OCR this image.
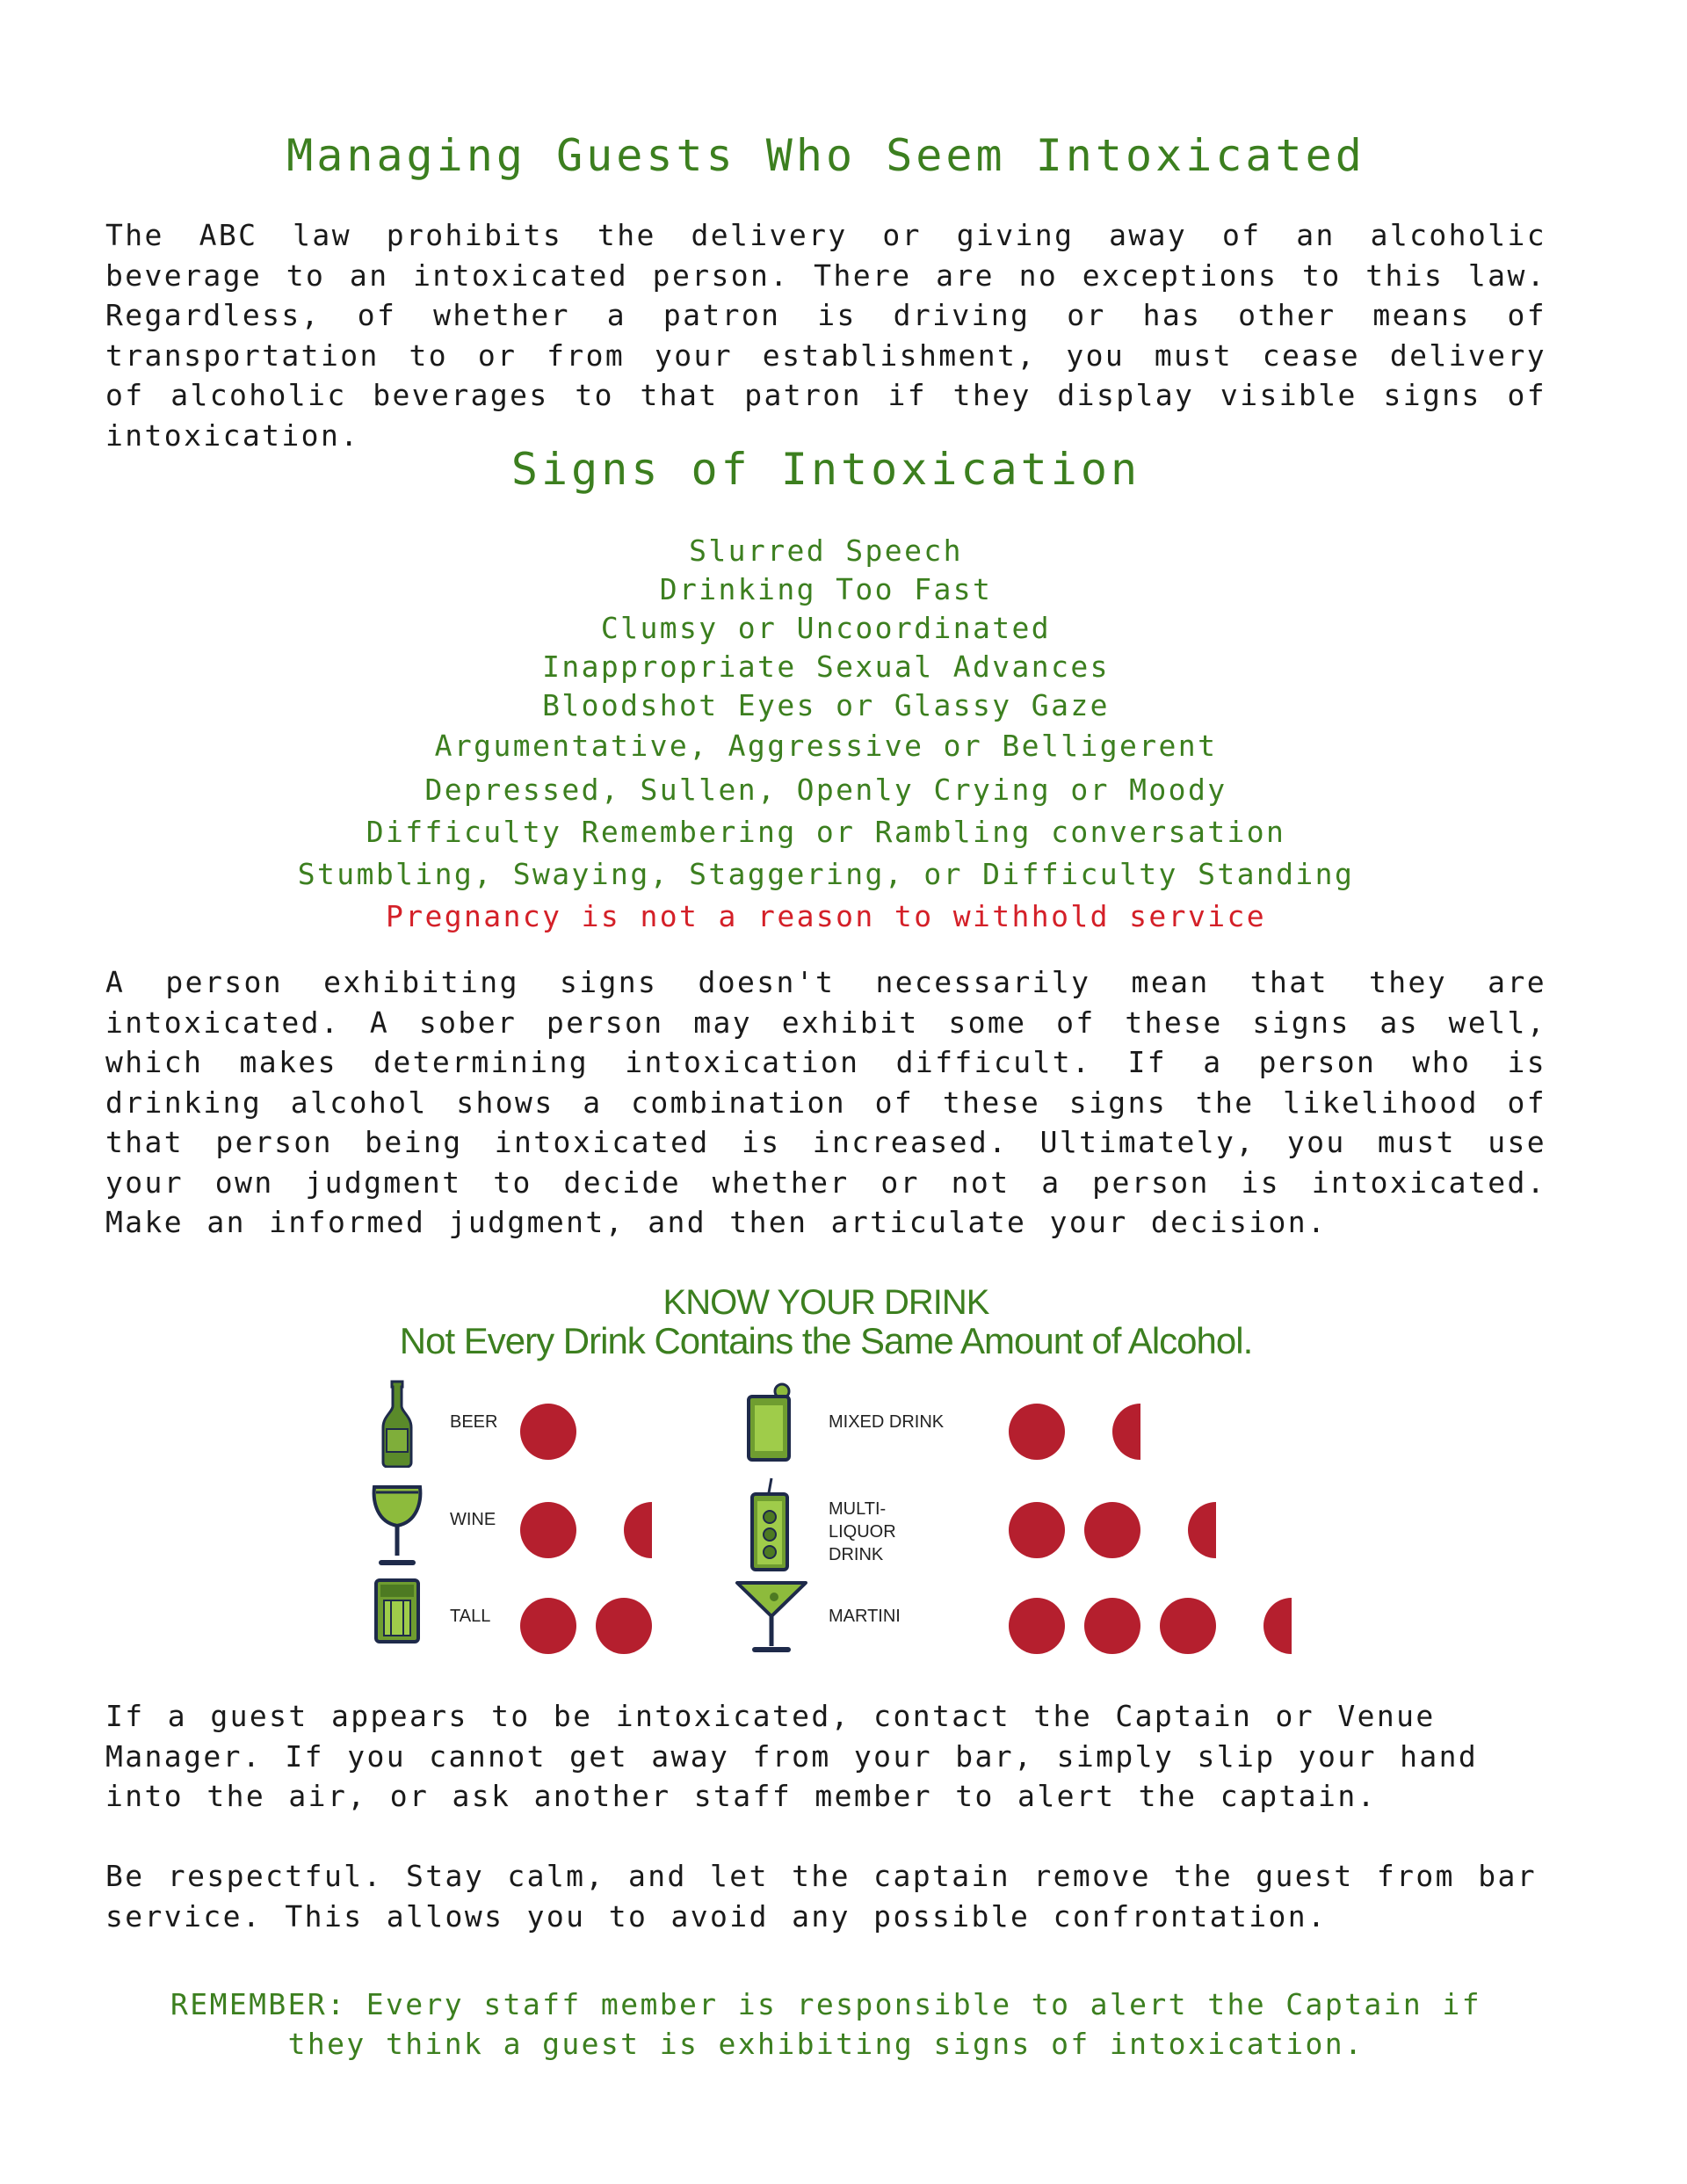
Managing Guests Who Seem Intoxicated

The ABC law prohibits the delivery or giving away of an alcoholic beverage to an intoxicated person. There are no exceptions to this law. Regardless, of whether a patron is driving or has other means of transportation to or from your establishment, you must cease delivery of alcoholic beverages to that patron if they display visible signs of intoxication.

Signs of Intoxication
Slurred Speech
Drinking Too Fast
Clumsy or Uncoordinated
Inappropriate Sexual Advances
Bloodshot Eyes or Glassy Gaze
Argumentative, Aggressive or Belligerent
Depressed, Sullen, Openly Crying or Moody
Difficulty Remembering or Rambling conversation
Stumbling, Swaying, Staggering, or Difficulty Standing
Pregnancy is not a reason to withhold service

A person exhibiting signs doesn't necessarily mean that they are intoxicated. A sober person may exhibit some of these signs as well, which makes determining intoxication difficult. If a person who is drinking alcohol shows a combination of these signs the likelihood of that person being intoxicated is increased. Ultimately, you must use your own judgment to decide whether or not a person is intoxicated. Make an informed judgment, and then articulate your decision.

KNOW YOUR DRINK
Not Every Drink Contains the Same Amount of Alcohol.
BEER
WINE
TALL
MIXED DRINK
MULTI-LIQUOR DRINK
MARTINI

If a guest appears to be intoxicated, contact the Captain or Venue Manager. If you cannot get away from your bar, simply slip your hand into the air, or ask another staff member to alert the captain.

Be respectful. Stay calm, and let the captain remove the guest from bar service. This allows you to avoid any possible confrontation.

REMEMBER: Every staff member is responsible to alert the Captain if they think a guest is exhibiting signs of intoxication.
